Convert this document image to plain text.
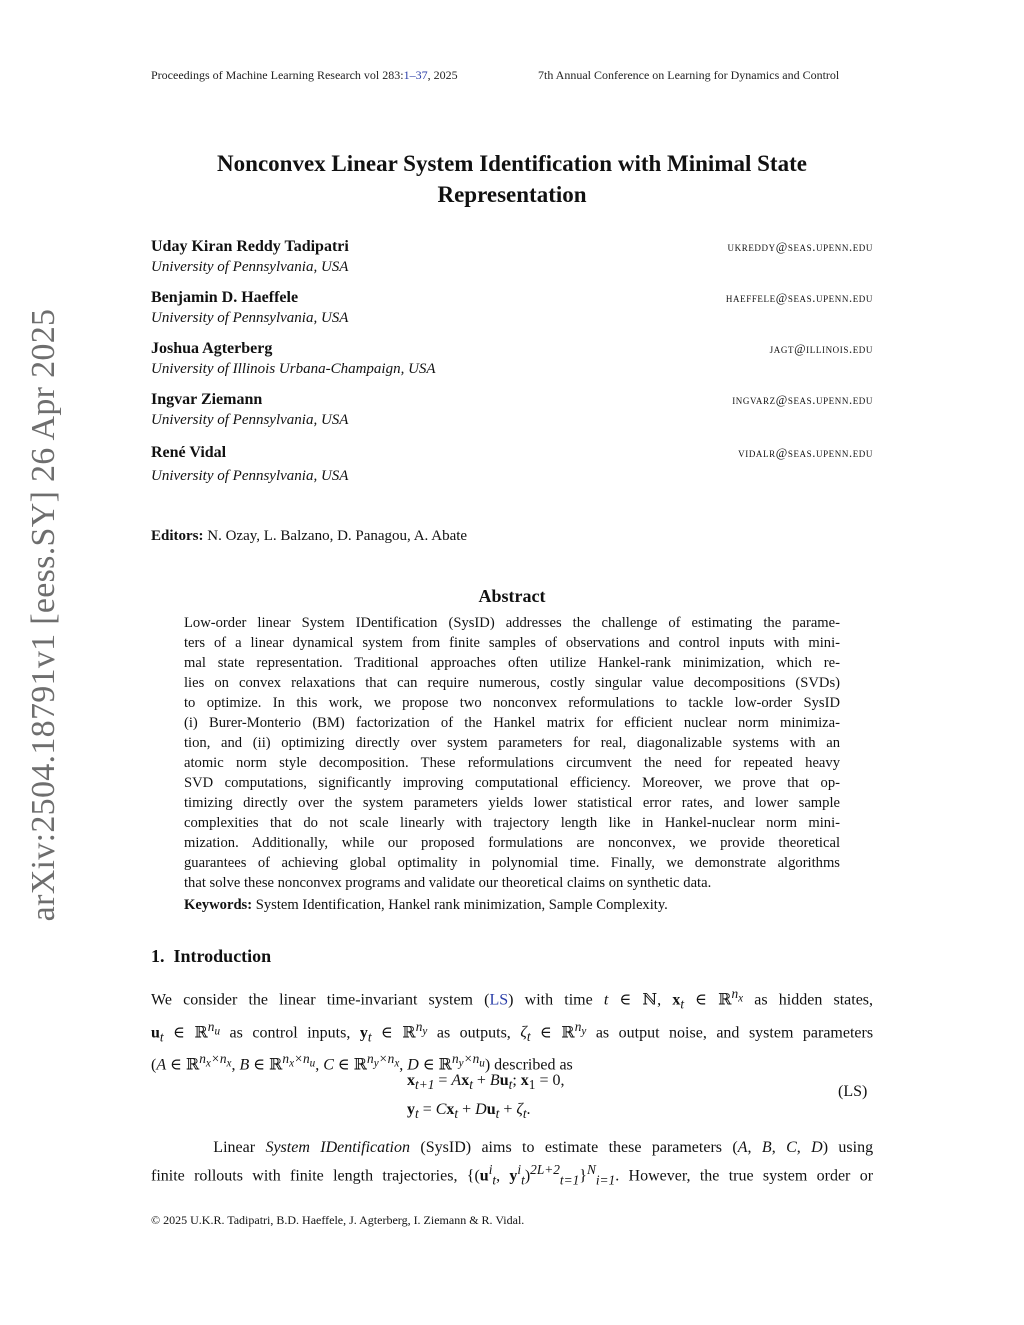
Proceedings of Machine Learning Research vol 283:1–37, 2025	7th Annual Conference on Learning for Dynamics and Control
arXiv:2504.18791v1 [eess.SY] 26 Apr 2025
Nonconvex Linear System Identification with Minimal State
Representation
Uday Kiran Reddy Tadipatri	ukreddy@seas.upenn.edu
University of Pennsylvania, USA
Benjamin D. Haeffele	haeffele@seas.upenn.edu
University of Pennsylvania, USA
Joshua Agterberg	jagt@illinois.edu
University of Illinois Urbana-Champaign, USA
Ingvar Ziemann	ingvarz@seas.upenn.edu
University of Pennsylvania, USA
René Vidal	vidalr@seas.upenn.edu
University of Pennsylvania, USA
Editors: N. Ozay, L. Balzano, D. Panagou, A. Abate
Abstract
Low-order linear System IDentification (SysID) addresses the challenge of estimating the parame-
ters of a linear dynamical system from finite samples of observations and control inputs with mini-
mal state representation. Traditional approaches often utilize Hankel-rank minimization, which re-
lies on convex relaxations that can require numerous, costly singular value decompositions (SVDs)
to optimize. In this work, we propose two nonconvex reformulations to tackle low-order SysID
(i) Burer-Monterio (BM) factorization of the Hankel matrix for efficient nuclear norm minimiza-
tion, and (ii) optimizing directly over system parameters for real, diagonalizable systems with an
atomic norm style decomposition. These reformulations circumvent the need for repeated heavy
SVD computations, significantly improving computational efficiency. Moreover, we prove that op-
timizing directly over the system parameters yields lower statistical error rates, and lower sample
complexities that do not scale linearly with trajectory length like in Hankel-nuclear norm mini-
mization. Additionally, while our proposed formulations are nonconvex, we provide theoretical
guarantees of achieving global optimality in polynomial time. Finally, we demonstrate algorithms
that solve these nonconvex programs and validate our theoretical claims on synthetic data.
Keywords: System Identification, Hankel rank minimization, Sample Complexity.
1. Introduction
We consider the linear time-invariant system (LS) with time t ∈ ℕ, $x_t$ ∈ ℝ$^{n_x}$ as hidden states,
$u_t$ ∈ ℝ$^{n_u}$ as control inputs, $y_t$ ∈ ℝ$^{n_y}$ as outputs, $\zeta_t$ ∈ ℝ$^{n_y}$ as output noise, and system parameters
(A ∈ ℝ$^{n_x\times n_x}$, B ∈ ℝ$^{n_x\times n_u}$, C ∈ ℝ$^{n_y\times n_x}$, D ∈ ℝ$^{n_y\times n_u}$) described as
$x_{t+1} = Ax_t + Bu_t$; $x_1 = 0$,
$y_t = Cx_t + Du_t + \zeta_t$.
(LS)
Linear System IDentification (SysID) aims to estimate these parameters (A, B, C, D) using
finite rollouts with finite length trajectories, {($u^i_t$, $y^i_t)^{2L+2}_{t=1}\}^N_{i=1}$. However, the true system order or
© 2025 U.K.R. Tadipatri, B.D. Haeffele, J. Agterberg, I. Ziemann & R. Vidal.
